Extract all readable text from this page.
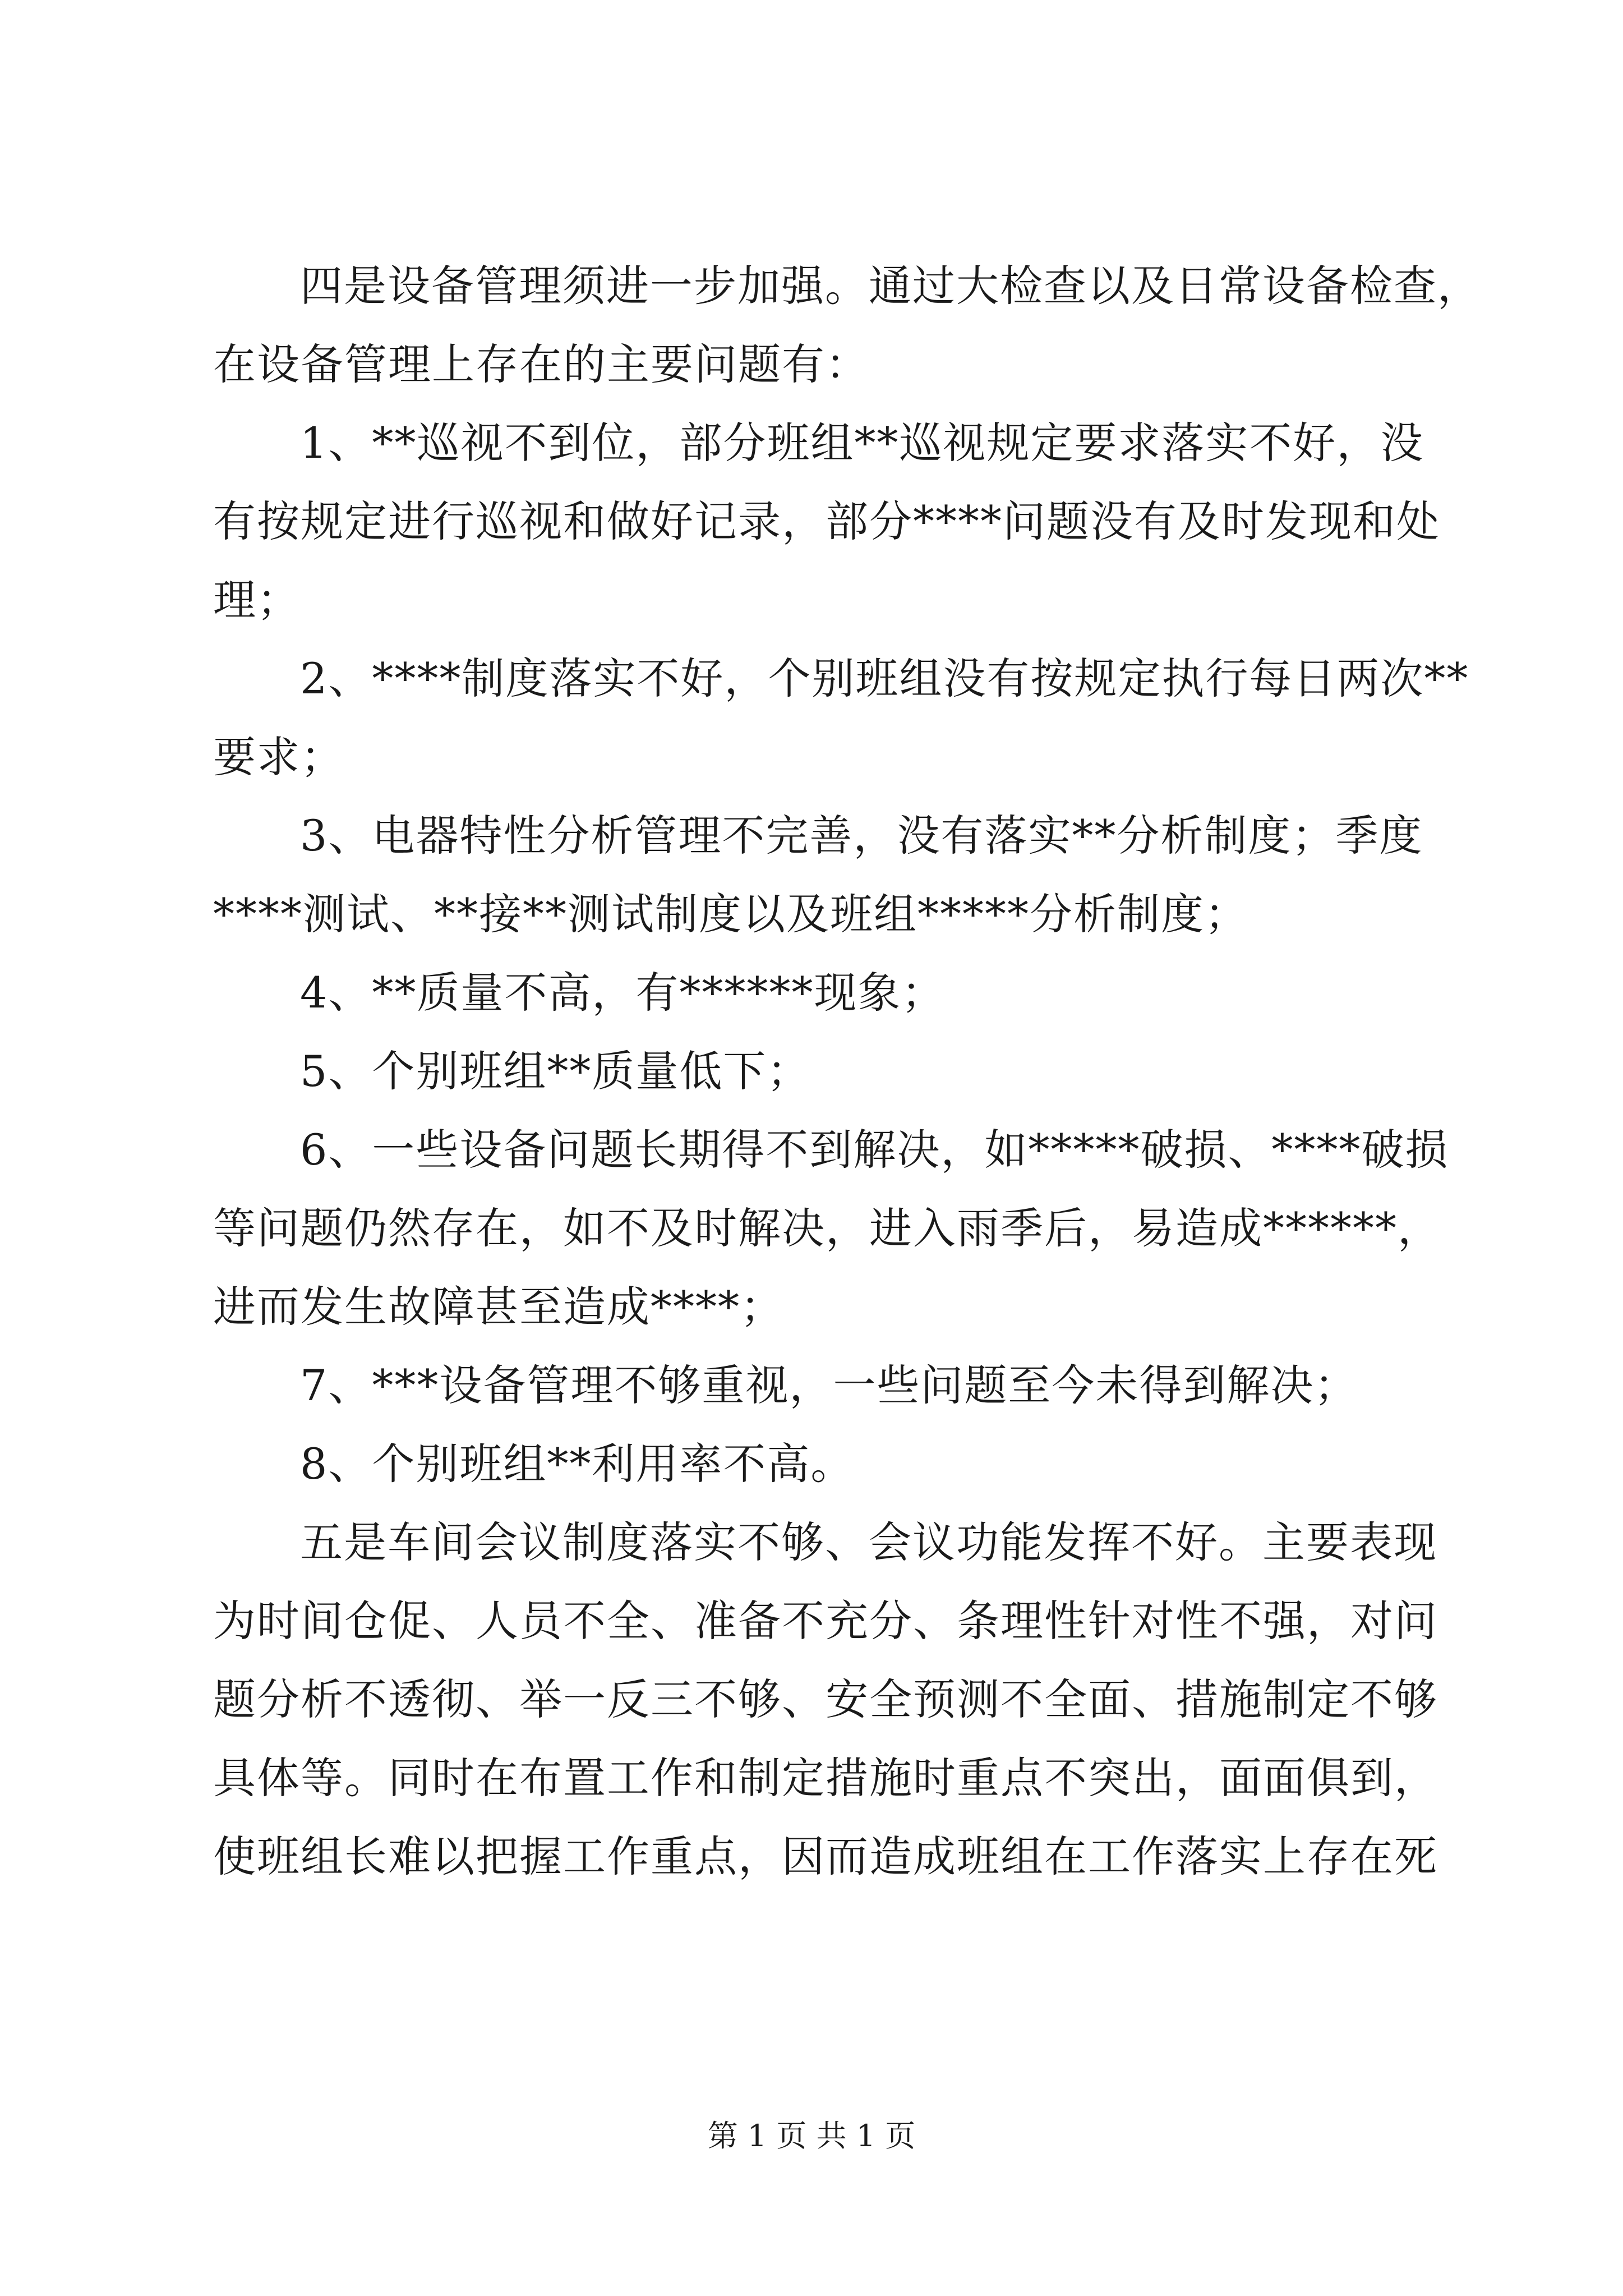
四是设备管理须进一步加强。通过大检查以及日常设备检查，
在设备管理上存在的主要问题有：
1、**巡视不到位，部分班组**巡视规定要求落实不好，没
有按规定进行巡视和做好记录，部分****问题没有及时发现和处
理；
2、****制度落实不好，个别班组没有按规定执行每日两次**
要求；
3、电器特性分析管理不完善，没有落实**分析制度；季度
****测试、**接**测试制度以及班组*****分析制度；
4、**质量不高，有******现象；
5、个别班组**质量低下；
6、一些设备问题长期得不到解决，如*****破损、****破损
等问题仍然存在，如不及时解决，进入雨季后，易造成******，
进而发生故障甚至造成****；
7、***设备管理不够重视，一些问题至今未得到解决；
8、个别班组**利用率不高。
五是车间会议制度落实不够、会议功能发挥不好。主要表现
为时间仓促、人员不全、准备不充分、条理性针对性不强，对问
题分析不透彻、举一反三不够、安全预测不全面、措施制定不够
具体等。同时在布置工作和制定措施时重点不突出，面面俱到，
使班组长难以把握工作重点，因而造成班组在工作落实上存在死
第 1 页 共 1 页
